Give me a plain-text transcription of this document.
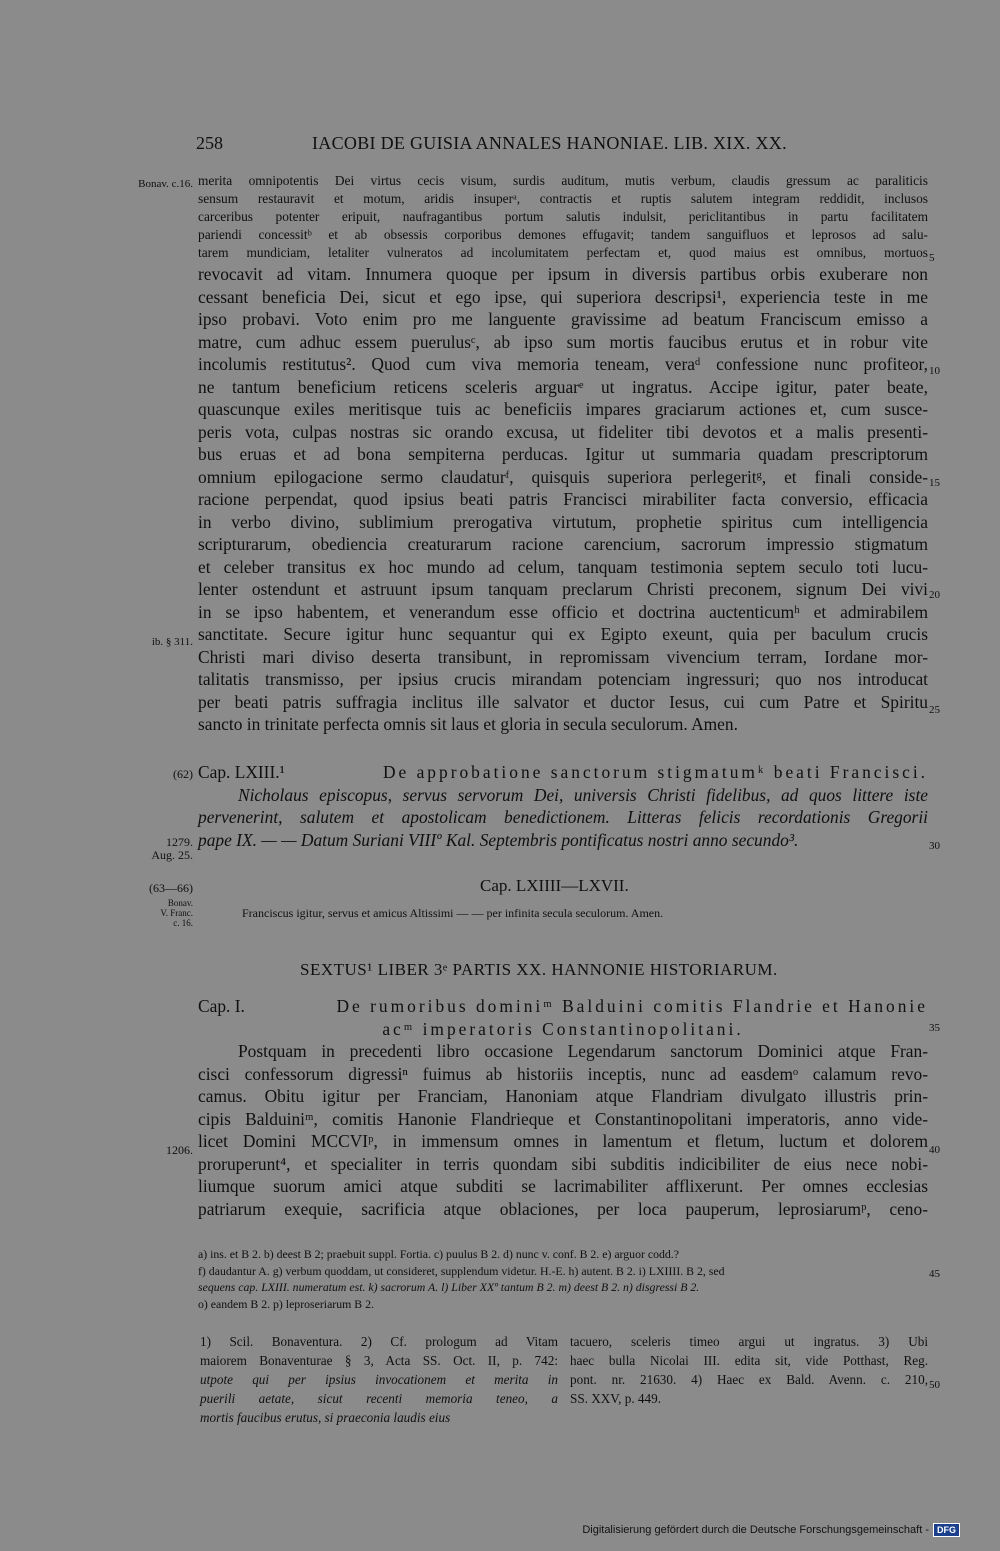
258	IACOBI DE GUISIA ANNALES HANONIAE. LIB. XIX. XX.
merita omnipotentis Dei virtus cecis visum, surdis auditum, mutis verbum, claudis gressum ac paraliticis
sensum restauravit et motum, aridis insuperᵃ, contractis et ruptis salutem integram reddidit, inclusos
carceribus potenter eripuit, naufragantibus portum salutis indulsit, periclitantibus in partu facilitatem
pariendi concessitᵇ et ab obsessis corporibus demones effugavit; tandem sanguifluos et leprosos ad salu-
tarem mundiciam, letaliter vulneratos ad incolumitatem perfectam et, quod maius est omnibus, mortuos
revocavit ad vitam. Innumera quoque per ipsum in diversis partibus orbis exuberare non
cessant beneficia Dei, sicut et ego ipse, qui superiora descripsi¹, experiencia teste in me
ipso probavi. Voto enim pro me languente gravissime ad beatum Franciscum emisso a
matre, cum adhuc essem puerulusᶜ, ab ipso sum mortis faucibus erutus et in robur vite
incolumis restitutus². Quod cum viva memoria teneam, veraᵈ confessione nunc profiteor,
ne tantum beneficium reticens sceleris arguarᵉ ut ingratus. Accipe igitur, pater beate,
quascunque exiles meritisque tuis ac beneficiis impares graciarum actiones et, cum susce-
peris vota, culpas nostras sic orando excusa, ut fideliter tibi devotos et a malis presenti-
bus eruas et ad bona sempiterna perducas. Igitur ut summaria quadam prescriptorum
omnium epilogacione sermo claudaturᶠ, quisquis superiora perlegeritᵍ, et finali conside-
racione perpendat, quod ipsius beati patris Francisci mirabiliter facta conversio, efficacia
in verbo divino, sublimium prerogativa virtutum, prophetie spiritus cum intelligencia
scripturarum, obediencia creaturarum racione carencium, sacrorum impressio stigmatum
et celeber transitus ex hoc mundo ad celum, tanquam testimonia septem seculo toti lucu-
lenter ostendunt et astruunt ipsum tanquam preclarum Christi preconem, signum Dei vivi
in se ipso habentem, et venerandum esse officio et doctrina auctenticumʰ et admirabilem
sanctitate. Secure igitur hunc sequantur qui ex Egipto exeunt, quia per baculum crucis
Christi mari diviso deserta transibunt, in repromissam vivencium terram, Iordane mor-
talitatis transmisso, per ipsius crucis mirandam potenciam ingressuri; quo nos introducat
per beati patris suffragia inclitus ille salvator et ductor Iesus, cui cum Patre et Spiritu
sancto in trinitate perfecta omnis sit laus et gloria in secula seculorum. Amen.
Bonav. c.16.
ib. § 311.
(62)
1279.
Aug. 25.
(63—66)
Bonav.
V. Franc.
c. 16.
1206.
5
10
15
20
25
30
35
40
45
50
Cap. LXIII.¹	De approbatione sanctorum stigmatumᵏ beati Francisci.
Nicholaus episcopus, servus servorum Dei, universis Christi fidelibus, ad quos littere iste
pervenerint, salutem et apostolicam benedictionem. Litteras felicis recordationis Gregorii
pape IX. — — Datum Suriani VIIIº Kal. Septembris pontificatus nostri anno secundo³.
Cap. LXIIII—LXVII.
Franciscus igitur, servus et amicus Altissimi — — per infinita secula seculorum. Amen.
SEXTUS¹ LIBER 3ᵉ PARTIS XX. HANNONIE HISTORIARUM.
Cap. I.	De rumoribus dominiᵐ Balduini comitis Flandrie et Hanonie
acᵐ imperatoris Constantinopolitani.
Postquam in precedenti libro occasione Legendarum sanctorum Dominici atque Fran-
cisci confessorum digressiⁿ fuimus ab historiis inceptis, nunc ad easdemᵒ calamum revo-
camus. Obitu igitur per Franciam, Hanoniam atque Flandriam divulgato illustris prin-
cipis Balduiniᵐ, comitis Hanonie Flandrieque et Constantinopolitani imperatoris, anno vide-
licet Domini MCCVIᵖ, in immensum omnes in lamentum et fletum, luctum et dolorem
proruperunt⁴, et specialiter in terris quondam sibi subditis indicibiliter de eius nece nobi-
liumque suorum amici atque subditi se lacrimabiliter afflixerunt. Per omnes ecclesias
patriarum exequie, sacrificia atque oblaciones, per loca pauperum, leprosiarumᵖ, ceno-
a) ins. et B 2. b) deest B 2; praebuit suppl. Fortia. c) puulus B 2. d) nunc v. conf. B 2. e) arguor codd.?
f) daudantur A. g) verbum quoddam, ut consideret, supplendum videtur. H.-E. h) autent. B 2. i) LXIIII. B 2, sed
sequens cap. LXIII. numeratum est. k) sacrorum A. l) Liber XXº tantum B 2. m) deest B 2. n) disgressi B 2.
o) eandem B 2. p) leproseriarum B 2.
1) Scil. Bonaventura. 2) Cf. prologum ad Vitam
maiorem Bonaventurae § 3, Acta SS. Oct. II, p. 742:
utpote qui per ipsius invocationem et merita in
puerili aetate, sicut recenti memoria teneo, a
mortis faucibus erutus, si praeconia laudis eius
tacuero, sceleris timeo argui ut ingratus. 3) Ubi
haec bulla Nicolai III. edita sit, vide Potthast, Reg.
pont. nr. 21630. 4) Haec ex Bald. Avenn. c. 210,
SS. XXV, p. 449.
Digitalisierung gefördert durch die Deutsche Forschungsgemeinschaft - DFG
